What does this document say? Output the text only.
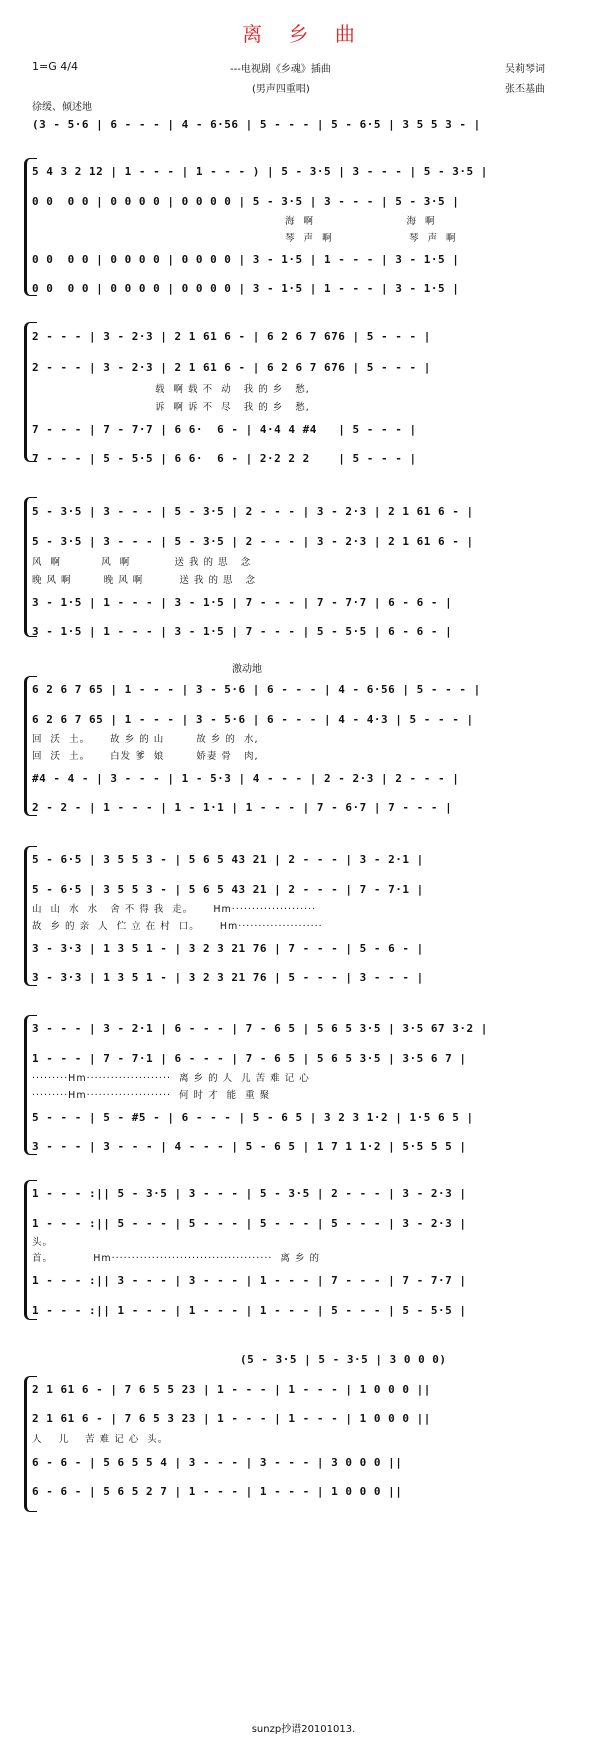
离 乡 曲
1=G 4/4	---电视剧《乡魂》插曲
(男声四重唱)
吴莉琴词
张丕基曲
徐缓、倾述地
激动地
(3 - 5·6 | 6 - - - | 4 - 6·56 | 5 - - - | 5 - 6·5 | 3 5 5 3 - |
5 4 3 2 12 | 1 - - - | 1 - - - ) | 5 - 3·5 | 3 - - - | 5 - 3·5 |
0 0  0 0 | 0 0 0 0 | 0 0 0 0 | 5 - 3·5 | 3 - - - | 5 - 3·5 |
海  啊                       海  啊
琴  声  啊                   琴  声  啊
0 0  0 0 | 0 0 0 0 | 0 0 0 0 | 3 - 1·5 | 1 - - - | 3 - 1·5 |
0 0  0 0 | 0 0 0 0 | 0 0 0 0 | 3 - 1·5 | 1 - - - | 3 - 1·5 |
2 - - - | 3 - 2·3 | 2 1 61 6 - | 6 2 6 7 676 | 5 - - - |
2 - - - | 3 - 2·3 | 2 1 61 6 - | 6 2 6 7 676 | 5 - - - |
载  啊 载 不  动   我 的 乡   愁,
诉  啊 诉 不  尽   我 的 乡   愁,
7 - - - | 7 - 7·7 | 6 6·  6 - | 4·4 4 #4   | 5 - - - |
7 - - - | 5 - 5·5 | 6 6·  6 - | 2·2 2 2    | 5 - - - |
5 - 3·5 | 3 - - - | 5 - 3·5 | 2 - - - | 3 - 2·3 | 2 1 61 6 - |
5 - 3·5 | 3 - - - | 5 - 3·5 | 2 - - - | 3 - 2·3 | 2 1 61 6 - |
风  啊          风  啊           送 我 的 思   念
晚 风 啊        晚 风 啊         送 我 的 思   念
3 - 1·5 | 1 - - - | 3 - 1·5 | 7 - - - | 7 - 7·7 | 6 - 6 - |
3 - 1·5 | 1 - - - | 3 - 1·5 | 7 - - - | 5 - 5·5 | 6 - 6 - |
6 2 6 7 65 | 1 - - - | 3 - 5·6 | 6 - - - | 4 - 6·56 | 5 - - - |
6 2 6 7 65 | 1 - - - | 3 - 5·6 | 6 - - - | 4 - 4·3 | 5 - - - |
回  沃  土。     故 乡 的 山        故 乡 的  水,
回  沃  土。     白发 爹  娘        娇妻 骨   肉,
#4 - 4 - | 3 - - - | 1 - 5·3 | 4 - - - | 2 - 2·3 | 2 - - - |
2 - 2 - | 1 - - - | 1 - 1·1 | 1 - - - | 7 - 6·7 | 7 - - - |
5 - 6·5 | 3 5 5 3 - | 5 6 5 43 21 | 2 - - - | 3 - 2·1 |
5 - 6·5 | 3 5 5 3 - | 5 6 5 43 21 | 2 - - - | 7 - 7·1 |
山  山  水  水   舍 不 得 我  走。     Hm·····················
故  乡 的 亲  人  伫 立 在 村  口。     Hm·····················
3 - 3·3 | 1 3 5 1 - | 3 2 3 21 76 | 7 - - - | 5 - 6 - |
3 - 3·3 | 1 3 5 1 - | 3 2 3 21 76 | 5 - - - | 3 - - - |
3 - - - | 3 - 2·1 | 6 - - - | 7 - 6 5 | 5 6 5 3·5 | 3·5 67 3·2 |
1 - - - | 7 - 7·1 | 6 - - - | 7 - 6 5 | 5 6 5 3·5 | 3·5 6 7 |
·········Hm·····················  离 乡 的 人  儿 苦 难 记 心
·········Hm·····················  何 时 才  能  重 聚
5 - - - | 5 - #5 - | 6 - - - | 5 - 6 5 | 3 2 3 1·2 | 1·5 6 5 |
3 - - - | 3 - - - | 4 - - - | 5 - 6 5 | 1 7 1 1·2 | 5·5 5 5 |
1 - - - :|| 5 - 3·5 | 3 - - - | 5 - 3·5 | 2 - - - | 3 - 2·3 |
1 - - - :|| 5 - - - | 5 - - - | 5 - - - | 5 - - - | 3 - 2·3 |
头。
首。          Hm········································  离 乡 的
1 - - - :|| 3 - - - | 3 - - - | 1 - - - | 7 - - - | 7 - 7·7 |
1 - - - :|| 1 - - - | 1 - - - | 1 - - - | 5 - - - | 5 - 5·5 |
(5 - 3·5 | 5 - 3·5 | 3 0 0 0)
2 1 61 6 - | 7 6 5 5 23 | 1 - - - | 1 - - - | 1 0 0 0 ||
2 1 61 6 - | 7 6 5 3 23 | 1 - - - | 1 - - - | 1 0 0 0 ||
人    儿    苦 难 记 心  头。
6 - 6 - | 5 6 5 5 4 | 3 - - - | 3 - - - | 3 0 0 0 ||
6 - 6 - | 5 6 5 2 7 | 1 - - - | 1 - - - | 1 0 0 0 ||
sunzp抄谱20101013.
